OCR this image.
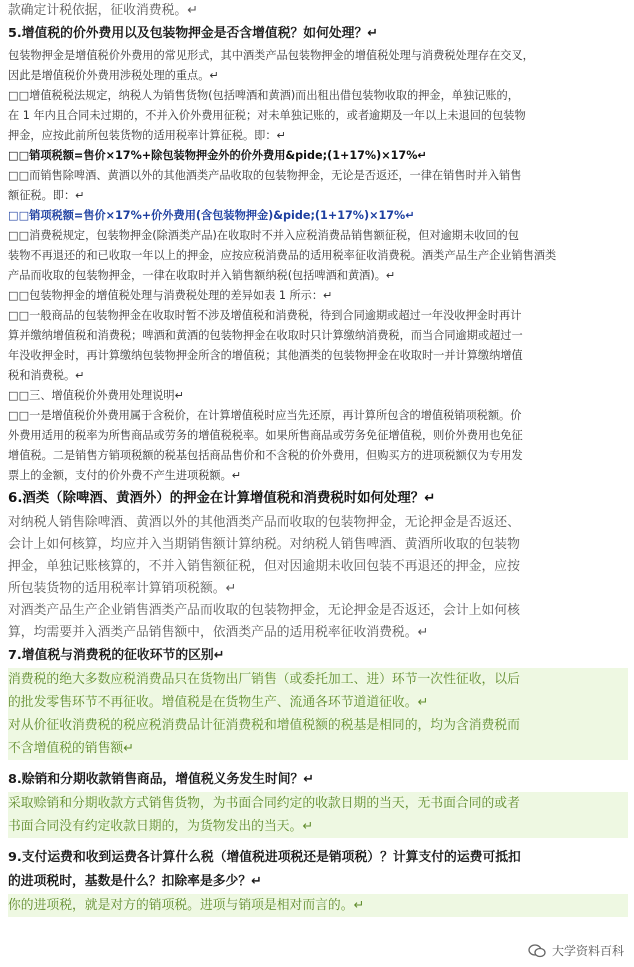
款确定计税依据，征收消费税。↵
5.增值税的价外费用以及包装物押金是否含增值税？如何处理？↵
包装物押金是增值税价外费用的常见形式，其中酒类产品包装物押金的增值税处理与消费税处理存在交叉，
因此是增值税价外费用涉税处理的重点。↵
□□增值税税法规定，纳税人为销售货物(包括啤酒和黄酒)而出租出借包装物收取的押金，单独记账的，
在 1 年内且合同未过期的，不并入价外费用征税；对未单独记账的，或者逾期及一年以上未退回的包装物
押金，应按此前所包装货物的适用税率计算征税。即：↵
□□销项税额=售价×17%+除包装物押金外的价外费用&pide;(1+17%)×17%↵
□□而销售除啤酒、黄酒以外的其他酒类产品收取的包装物押金，无论是否返还，一律在销售时并入销售
额征税。即：↵
□□销项税额=售价×17%+价外费用(含包装物押金)&pide;(1+17%)×17%↵
□□消费税规定，包装物押金(除酒类产品)在收取时不并入应税消费品销售额征税，但对逾期未收回的包
装物不再退还的和已收取一年以上的押金，应按应税消费品的适用税率征收消费税。酒类产品生产企业销售酒类
产品而收取的包装物押金，一律在收取时并入销售额纳税(包括啤酒和黄酒)。↵
□□包装物押金的增值税处理与消费税处理的差异如表 1 所示：↵
□□一般商品的包装物押金在收取时暂不涉及增值税和消费税，待到合同逾期或超过一年没收押金时再计
算并缴纳增值税和消费税；啤酒和黄酒的包装物押金在收取时只计算缴纳消费税，而当合同逾期或超过一
年没收押金时，再计算缴纳包装物押金所含的增值税；其他酒类的包装物押金在收取时一并计算缴纳增值
税和消费税。↵
□□三、增值税价外费用处理说明↵
□□一是增值税价外费用属于含税价，在计算增值税时应当先还原，再计算所包含的增值税销项税额。价
外费用适用的税率为所售商品或劳务的增值税税率。如果所售商品或劳务免征增值税，则价外费用也免征
增值税。二是销售方销项税额的税基包括商品售价和不含税的价外费用，但购买方的进项税额仅为专用发
票上的金额，支付的价外费不产生进项税额。↵
6.酒类（除啤酒、黄酒外）的押金在计算增值税和消费税时如何处理？↵
对纳税人销售除啤酒、黄酒以外的其他酒类产品而收取的包装物押金，无论押金是否返还、
会计上如何核算，均应并入当期销售额计算纳税。对纳税人销售啤酒、黄酒所收取的包装物
押金，单独记账核算的，不并入销售额征税，但对因逾期未收回包装不再退还的押金，应按
所包装货物的适用税率计算销项税额。↵
对酒类产品生产企业销售酒类产品而收取的包装物押金，无论押金是否返还，会计上如何核
算，均需要并入酒类产品销售额中，依酒类产品的适用税率征收消费税。↵
7.增值税与消费税的征收环节的区别↵
消费税的绝大多数应税消费品只在货物出厂销售（或委托加工、进）环节一次性征收，以后
的批发零售环节不再征收。增值税是在货物生产、流通各环节道道征收。↵
对从价征收消费税的税应税消费品计征消费税和增值税额的税基是相同的，均为含消费税而
不含增值税的销售额↵
8.赊销和分期收款销售商品，增值税义务发生时间？↵
采取赊销和分期收款方式销售货物，为书面合同约定的收款日期的当天，无书面合同的或者
书面合同没有约定收款日期的，为货物发出的当天。↵
9.支付运费和收到运费各计算什么税（增值税进项税还是销项税）？计算支付的运费可抵扣
的进项税时，基数是什么？扣除率是多少？↵
你的进项税，就是对方的销项税。进项与销项是相对而言的。↵
大学资料百科
